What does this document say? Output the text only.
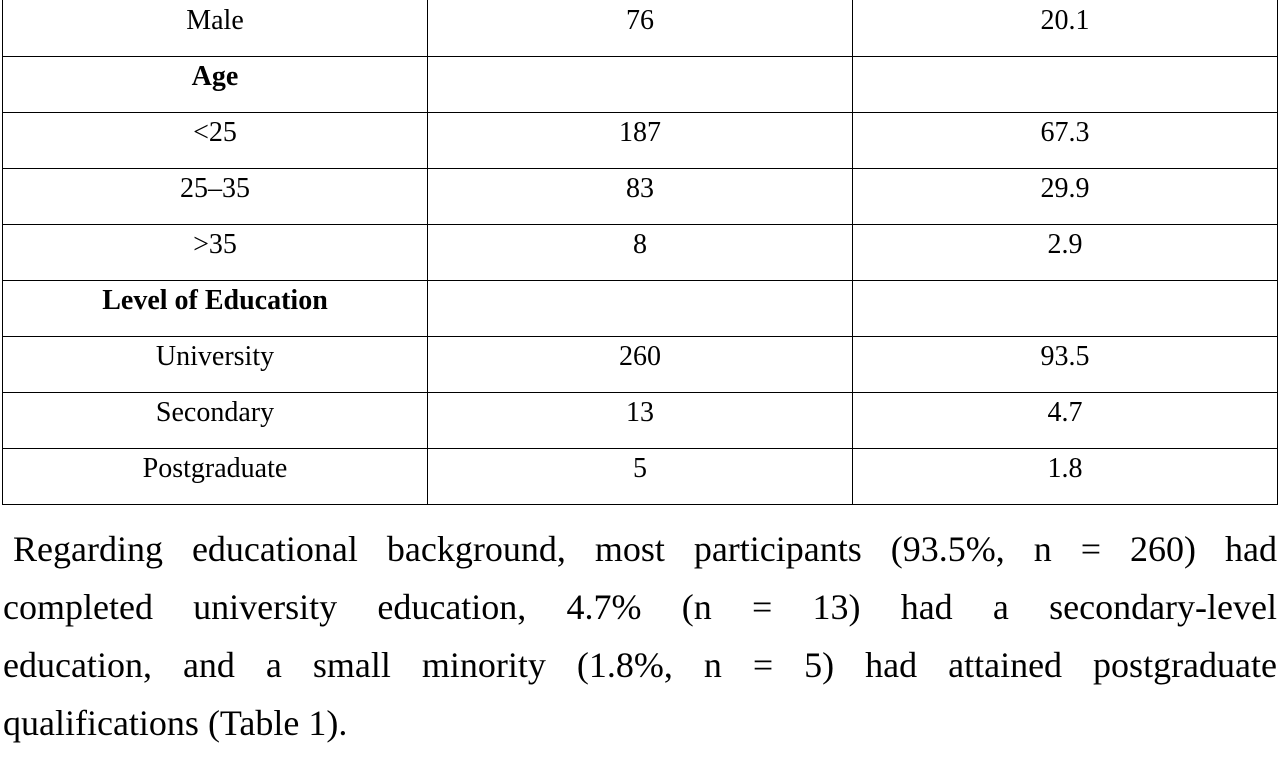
Male	76	20.1
Age		
<25	187	67.3
25–35	83	29.9
>35	8	2.9
Level of Education		
University	260	93.5
Secondary	13	4.7
Postgraduate	5	1.8
Regarding educational background, most participants (93.5%, n = 260) had
completed university education, 4.7% (n = 13) had a secondary-level
education, and a small minority (1.8%, n = 5) had attained postgraduate
qualifications (Table 1).
